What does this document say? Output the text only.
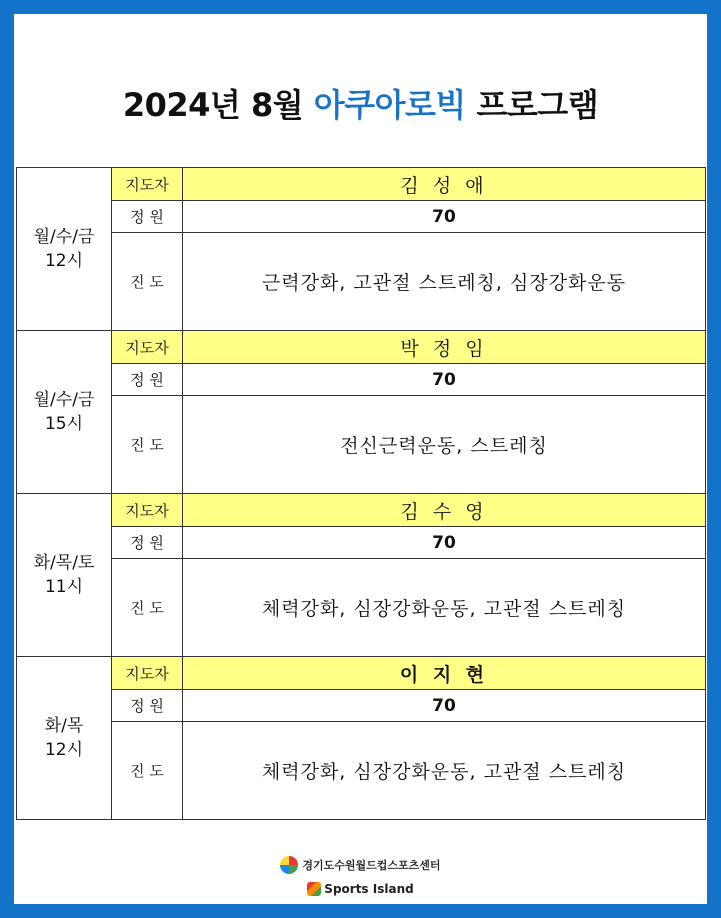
2024년 8월 아쿠아로빅 프로그램
월/수/금
12시	지도자	김 성 애
	정 원	70
	진 도	근력강화, 고관절 스트레칭, 심장강화운동

월/수/금
15시	지도자	박 정 임
	정 원	70
	진 도	전신근력운동, 스트레칭

화/목/토
11시	지도자	김 수 영
	정 원	70
	진 도	체력강화, 심장강화운동, 고관절 스트레칭

화/목
12시	지도자	이 지 현
	정 원	70
	진 도	체력강화, 심장강화운동, 고관절 스트레칭
경기도수원월드컵스포츠센터
Sports Island
